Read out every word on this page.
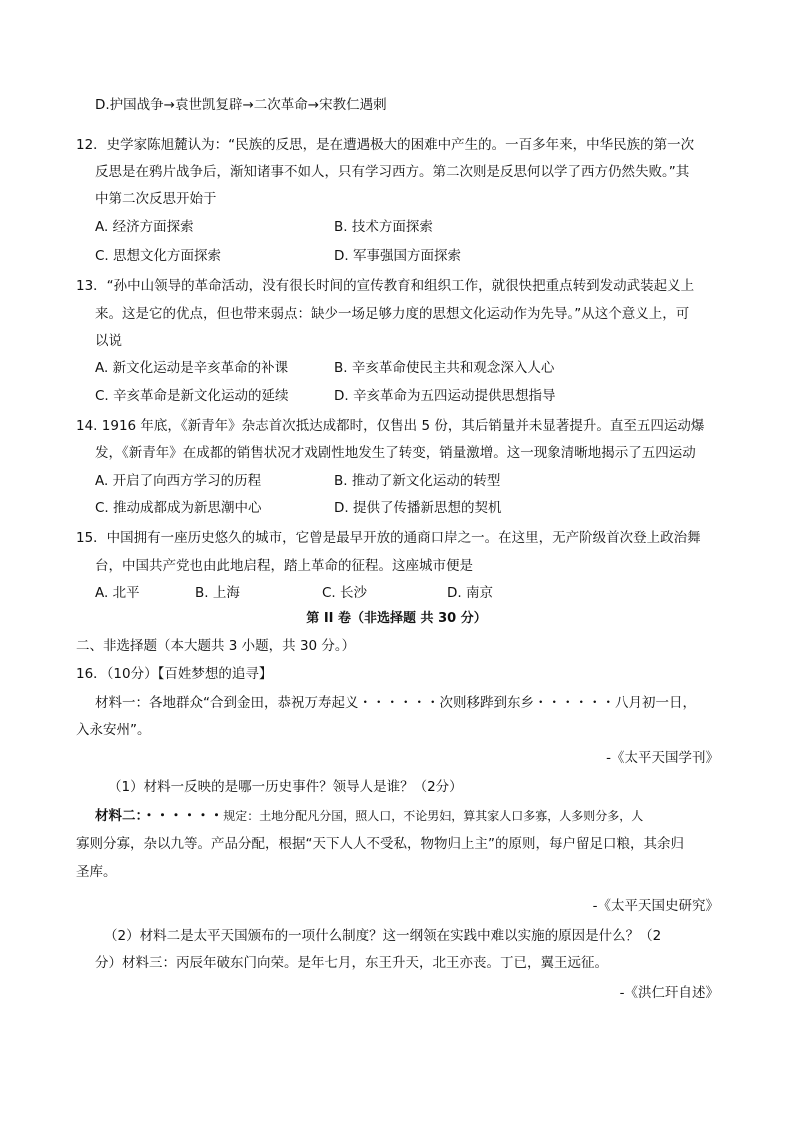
D.护国战争→袁世凯复辟→二次革命→宋教仁遇刺
12．史学家陈旭麓认为：“民族的反思，是在遭遇极大的困难中产生的。一百多年来，中华民族的第一次
反思是在鸦片战争后，渐知诸事不如人，只有学习西方。第二次则是反思何以学了西方仍然失败。”其
中第二次反思开始于
A. 经济方面探索	B. 技术方面探索
C. 思想文化方面探索	D. 军事强国方面探索
13．“孙中山领导的革命活动，没有很长时间的宣传教育和组织工作，就很快把重点转到发动武装起义上
来。这是它的优点，但也带来弱点：缺少一场足够力度的思想文化运动作为先导。”从这个意义上，可
以说
A. 新文化运动是辛亥革命的补课	B. 辛亥革命使民主共和观念深入人心
C. 辛亥革命是新文化运动的延续	D. 辛亥革命为五四运动提供思想指导
14. 1916 年底，《新青年》杂志首次抵达成都时，仅售出 5 份，其后销量并未显著提升。直至五四运动爆
发，《新青年》在成都的销售状况才戏剧性地发生了转变，销量激增。这一现象清晰地揭示了五四运动
A. 开启了向西方学习的历程	B. 推动了新文化运动的转型
C. 推动成都成为新思潮中心	D. 提供了传播新思想的契机
15．中国拥有一座历史悠久的城市，它曾是最早开放的通商口岸之一。在这里，无产阶级首次登上政治舞
台，中国共产党也由此地启程，踏上革命的征程。这座城市便是
A. 北平	B. 上海	C. 长沙	D. 南京
第 II 卷（非选择题 共 30 分）
二、非选择题（本大题共 3 小题，共 30 分。）
16．（10分）【百姓梦想的追寻】
材料一：各地群众“合到金田，恭祝万寿起义・・・・・・次则移跸到东乡・・・・・・八月初一日，
入永安州”。
-《太平天国学刊》
（1）材料一反映的是哪一历史事件？领导人是谁？（2分）
材料二：・・・・・・规定：土地分配凡分国，照人口，不论男妇，算其家人口多寡，人多则分多，人
寡则分寡，杂以九等。产品分配，根据“天下人人不受私，物物归上主”的原则，每户留足口粮，其余归
圣库。
-《太平天国史研究》
（2）材料二是太平天国颁布的一项什么制度？这一纲领在实践中难以实施的原因是什么？（2
分）材料三：丙辰年破东门向荣。是年七月，东王升天，北王亦丧。丁已，翼王远征。
-《洪仁玕自述》
